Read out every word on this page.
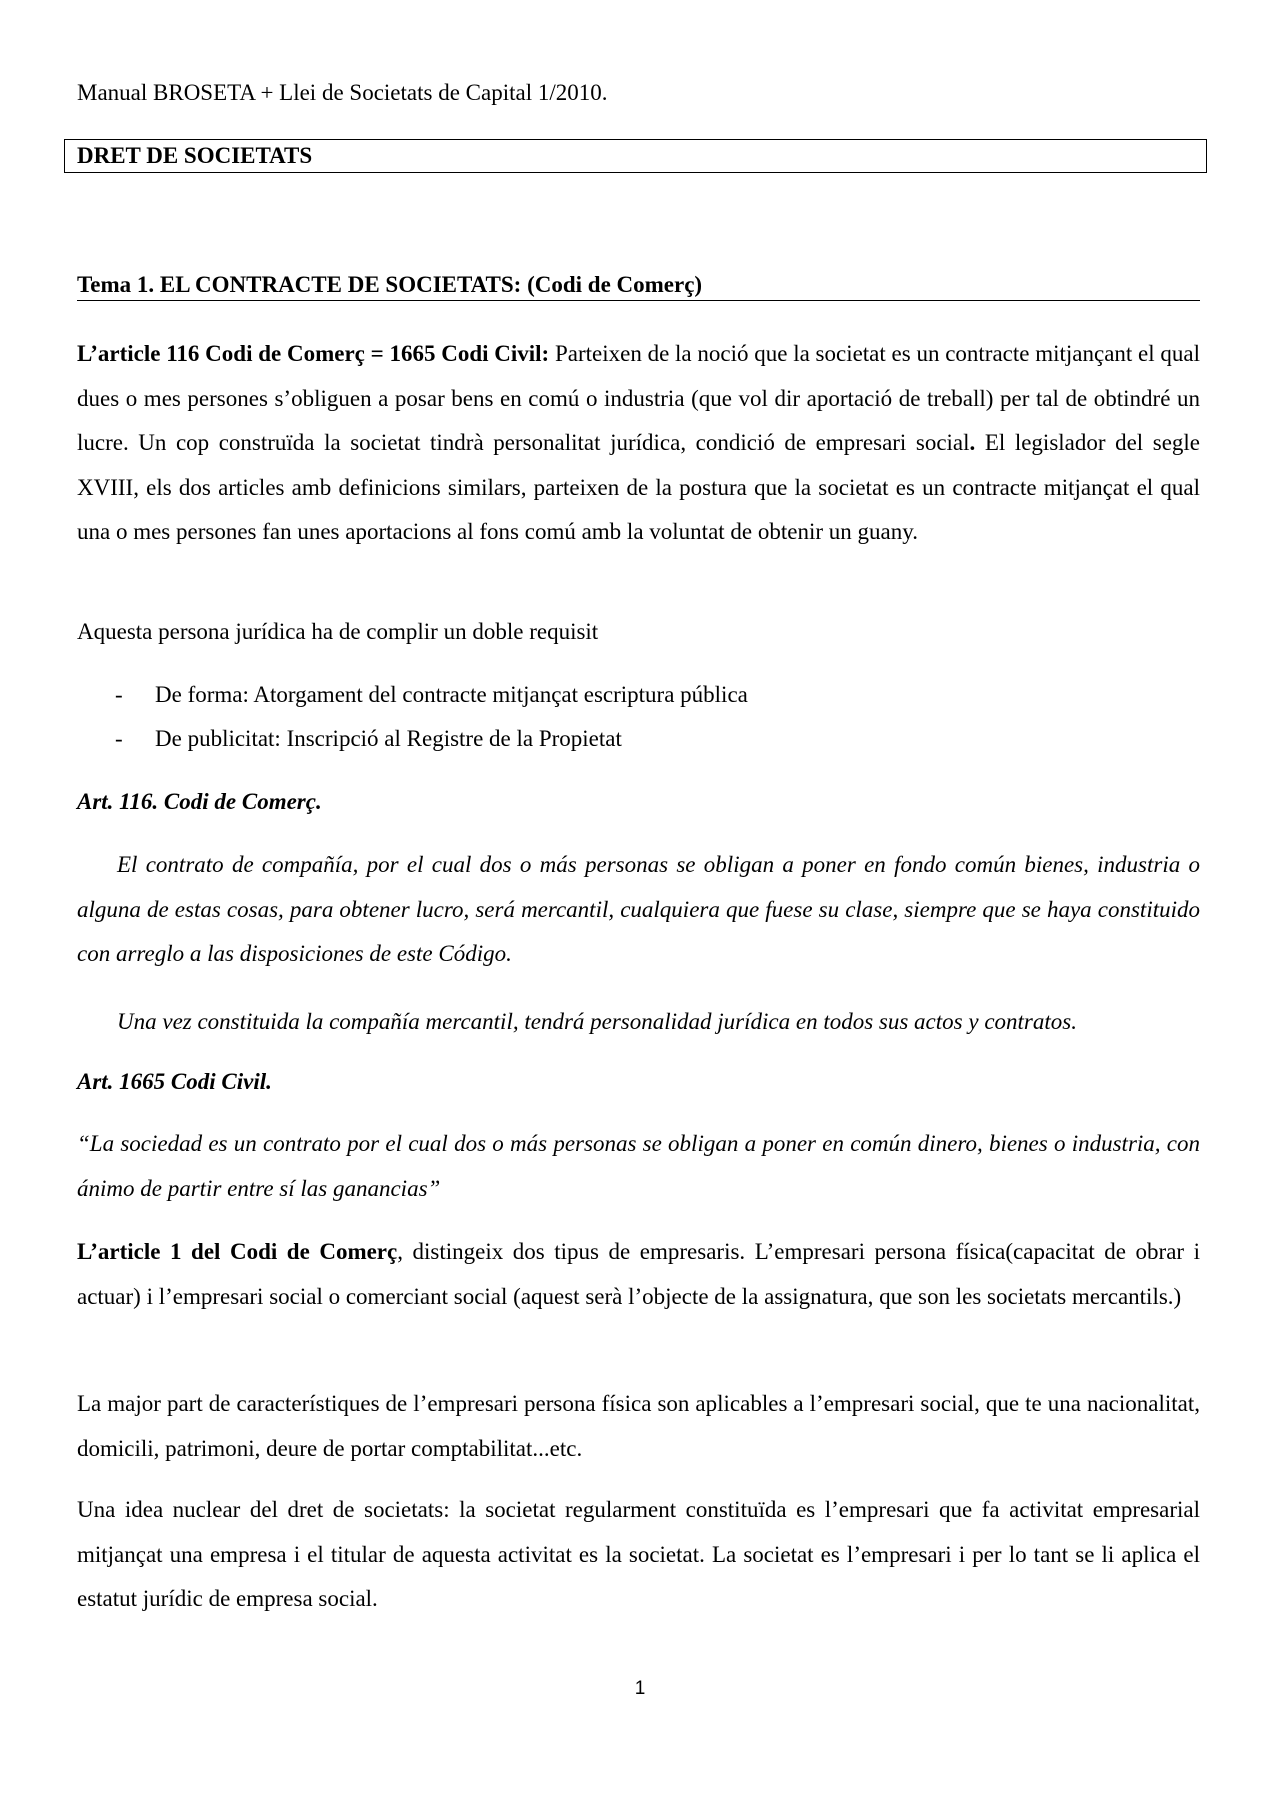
Manual BROSETA + Llei de Societats de Capital 1/2010.
DRET DE SOCIETATS
Tema 1. EL CONTRACTE DE SOCIETATS: (Codi de Comerç)

L’article 116 Codi de Comerç = 1665 Codi Civil: Parteixen de la noció que la societat es un contracte mitjançant el qual dues o mes persones s’obliguen a posar bens en comú o industria (que vol dir aportació de treball) per tal de obtindré un lucre. Un cop construïda la societat tindrà personalitat jurídica, condició de empresari social. El legislador del segle XVIII, els dos articles amb definicions similars, parteixen de la postura que la societat es un contracte mitjançat el qual una o mes persones fan unes aportacions al fons comú amb la voluntat de obtenir un guany.

Aquesta persona jurídica ha de complir un doble requisit

- De forma: Atorgament del contracte mitjançat escriptura pública
- De publicitat: Inscripció al Registre de la Propietat

Art. 116. Codi de Comerç.

El contrato de compañía, por el cual dos o más personas se obligan a poner en fondo común bienes, industria o alguna de estas cosas, para obtener lucro, será mercantil, cualquiera que fuese su clase, siempre que se haya constituido con arreglo a las disposiciones de este Código.

Una vez constituida la compañía mercantil, tendrá personalidad jurídica en todos sus actos y contratos.

Art. 1665 Codi Civil.

“La sociedad es un contrato por el cual dos o más personas se obligan a poner en común dinero, bienes o industria, con ánimo de partir entre sí las ganancias”

L’article 1 del Codi de Comerç, distingeix dos tipus de empresaris. L’empresari persona física(capacitat de obrar i actuar) i l’empresari social o comerciant social (aquest serà l’objecte de la assignatura, que son les societats mercantils.)

La major part de característiques de l’empresari persona física son aplicables a l’empresari social, que te una nacionalitat, domicili, patrimoni, deure de portar comptabilitat...etc.

Una idea nuclear del dret de societats: la societat regularment constituïda es l’empresari que fa activitat empresarial mitjançat una empresa i el titular de aquesta activitat es la societat. La societat es l’empresari i per lo tant se li aplica el estatut jurídic de empresa social.

1
